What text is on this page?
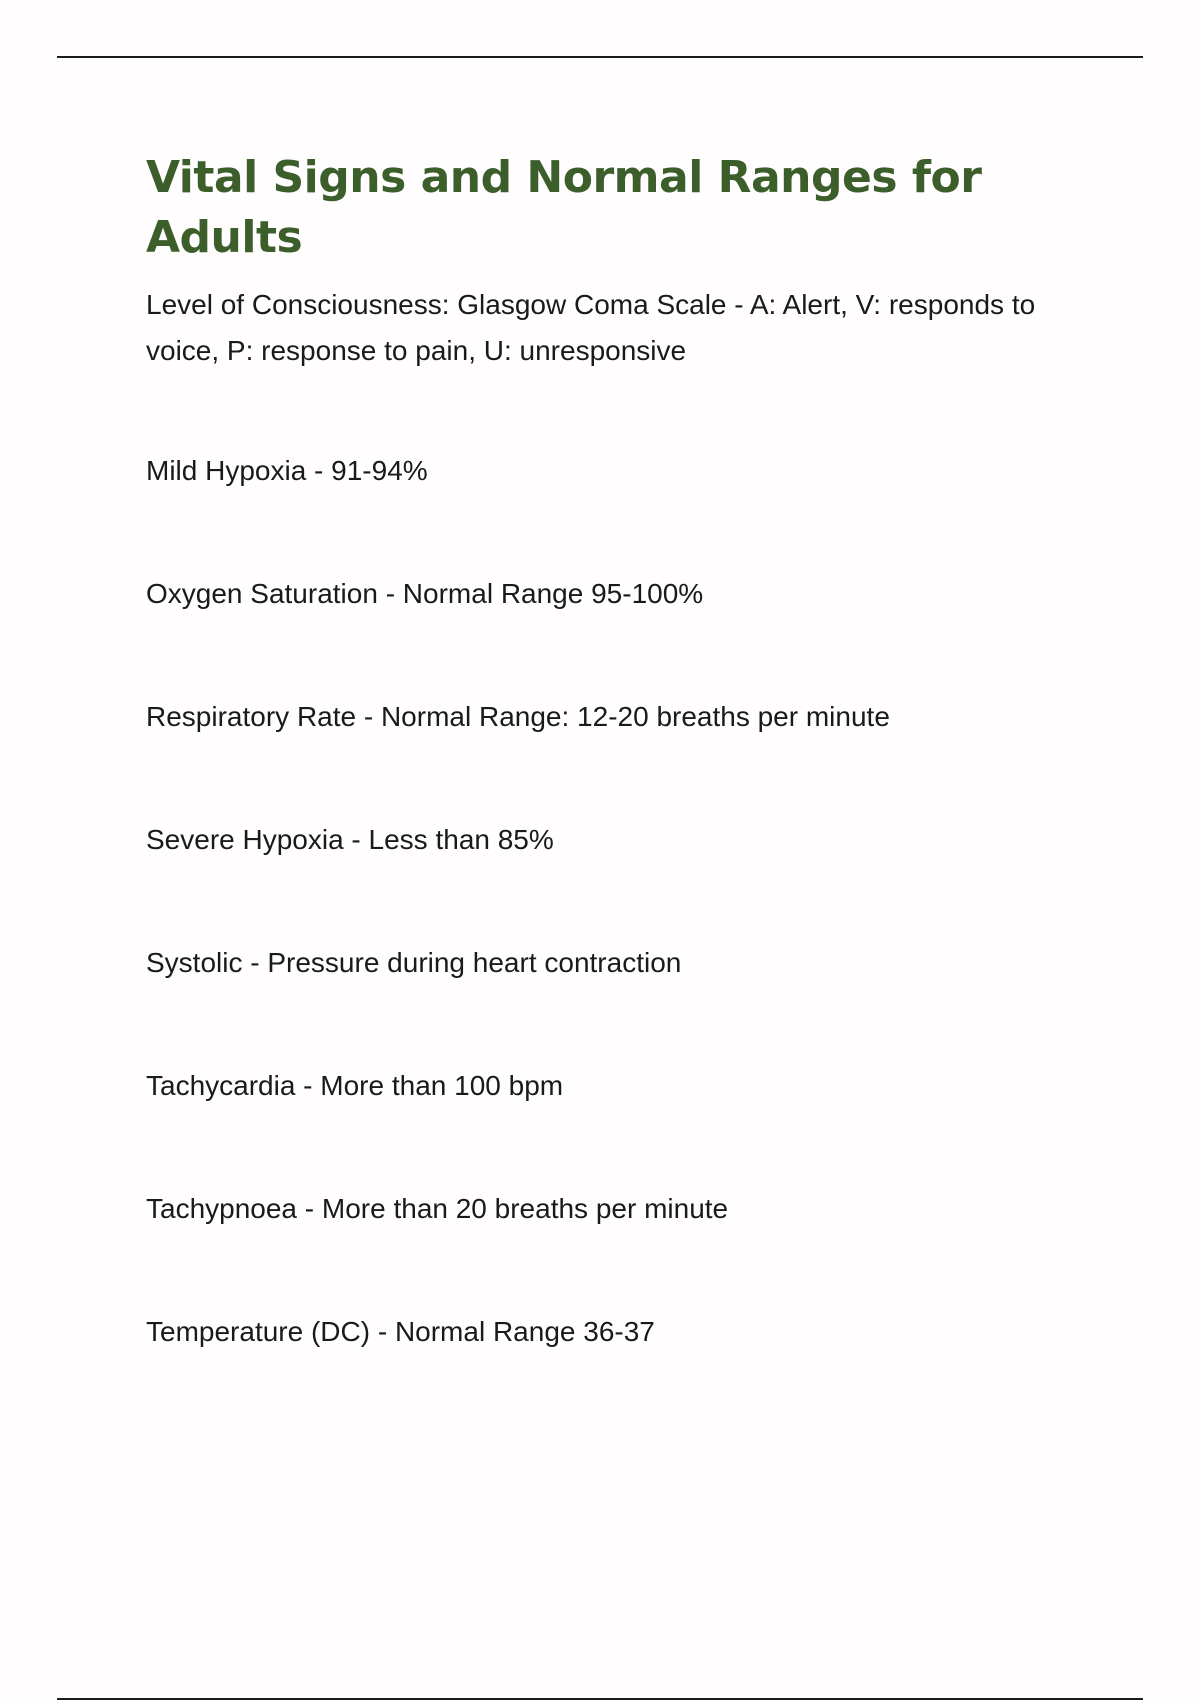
Vital Signs and Normal Ranges for Adults

Level of Consciousness: Glasgow Coma Scale - A: Alert, V: responds to voice, P: response to pain, U: unresponsive

Mild Hypoxia - 91-94%
Oxygen Saturation - Normal Range 95-100%
Respiratory Rate - Normal Range: 12-20 breaths per minute
Severe Hypoxia - Less than 85%
Systolic - Pressure during heart contraction
Tachycardia - More than 100 bpm
Tachypnoea - More than 20 breaths per minute
Temperature (DC) - Normal Range 36-37
